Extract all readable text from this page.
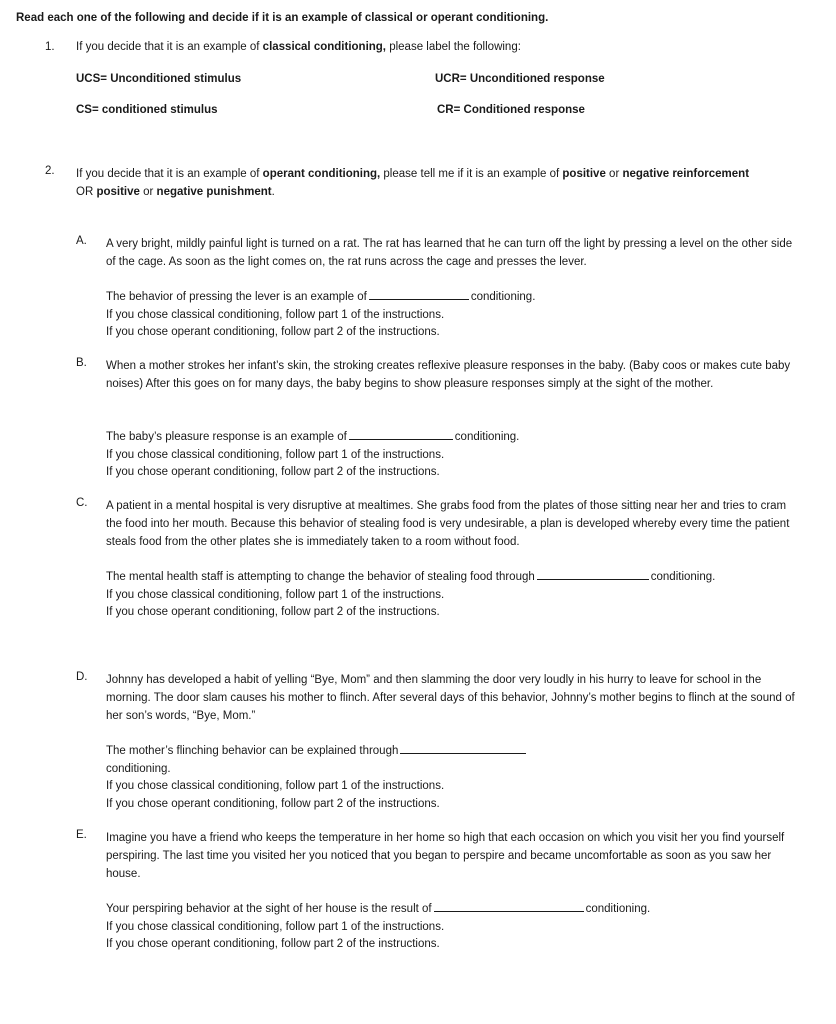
Read each one of the following and decide if it is an example of classical or operant conditioning.
1.	If you decide that it is an example of classical conditioning, please label the following:
UCS= Unconditioned stimulus	UCR= Unconditioned response
CS= conditioned stimulus	CR= Conditioned response
2.	If you decide that it is an example of operant conditioning, please tell me if it is an example of positive or negative reinforcement
OR positive or negative punishment.
A. A very bright, mildly painful light is turned on a rat. The rat has learned that he can turn off the light by pressing a level on the other side of the cage. As soon as the light comes on, the rat runs across the cage and presses the lever.
The behavior of pressing the lever is an example of	conditioning.
If you chose classical conditioning, follow part 1 of the instructions.
If you chose operant conditioning, follow part 2 of the instructions.
B. When a mother strokes her infant’s skin, the stroking creates reflexive pleasure responses in the baby. (Baby coos or makes cute baby noises) After this goes on for many days, the baby begins to show pleasure responses simply at the sight of the mother.
The baby’s pleasure response is an example of	conditioning.
If you chose classical conditioning, follow part 1 of the instructions.
If you chose operant conditioning, follow part 2 of the instructions.
C. A patient in a mental hospital is very disruptive at mealtimes. She grabs food from the plates of those sitting near her and tries to cram the food into her mouth. Because this behavior of stealing food is very undesirable, a plan is developed whereby every time the patient steals food from the other plates she is immediately taken to a room without food.
The mental health staff is attempting to change the behavior of stealing food through	conditioning.
If you chose classical conditioning, follow part 1 of the instructions.
If you chose operant conditioning, follow part 2 of the instructions.
D. Johnny has developed a habit of yelling “Bye, Mom” and then slamming the door very loudly in his hurry to leave for school in the morning. The door slam causes his mother to flinch. After several days of this behavior, Johnny’s mother begins to flinch at the sound of her son’s words, “Bye, Mom.”
The mother’s flinching behavior can be explained through
conditioning.
If you chose classical conditioning, follow part 1 of the instructions.
If you chose operant conditioning, follow part 2 of the instructions.
E. Imagine you have a friend who keeps the temperature in her home so high that each occasion on which you visit her you find yourself perspiring. The last time you visited her you noticed that you began to perspire and became uncomfortable as soon as you saw her house.
Your perspiring behavior at the sight of her house is the result of	conditioning.
If you chose classical conditioning, follow part 1 of the instructions.
If you chose operant conditioning, follow part 2 of the instructions.
